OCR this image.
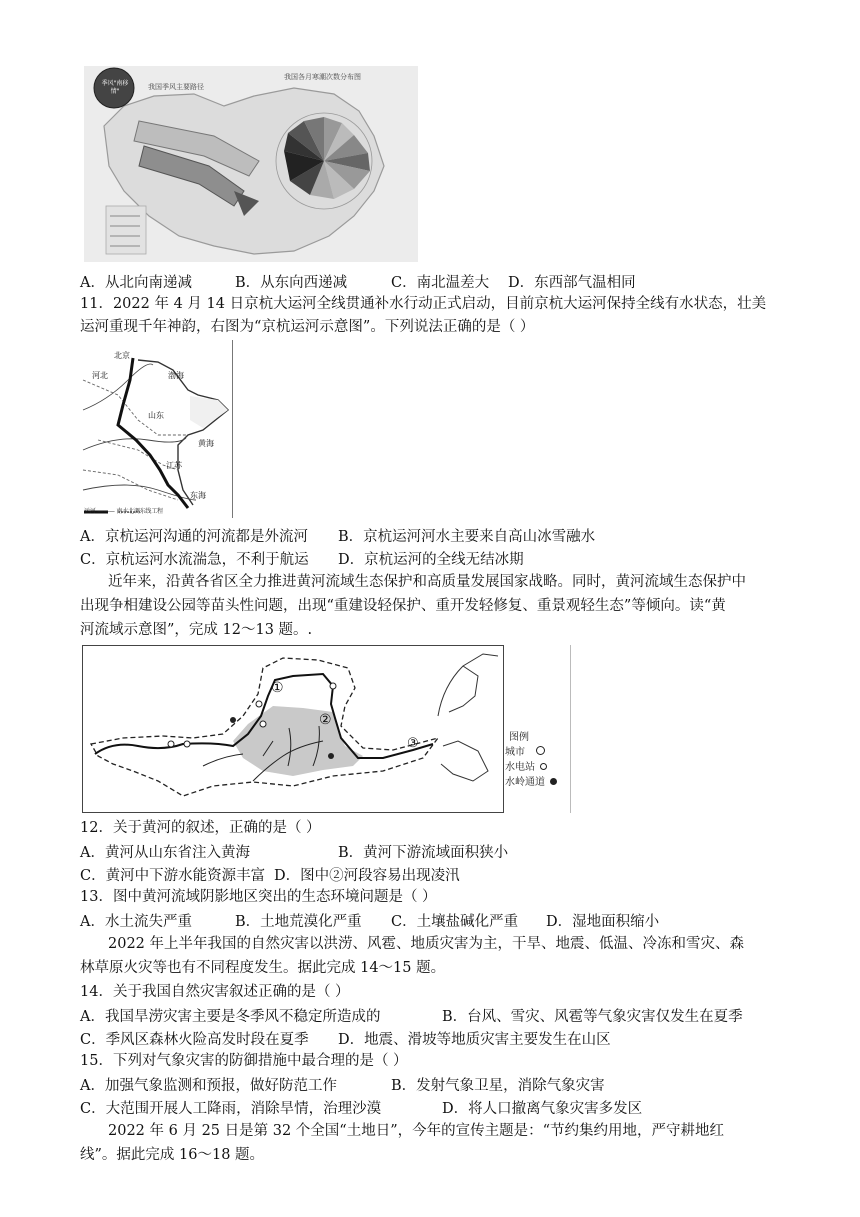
季风"南移情"
我国季风主要路径
我国各月寒潮次数分布图
A．从北向南递减	B．从东向西递减	C．南北温差大 D．东西部气温相同
11．2022 年 4 月 14 日京杭大运河全线贯通补水行动正式启动，目前京杭大运河保持全线有水状态，壮美
运河重现千年神韵，右图为“京杭运河示意图”。下列说法正确的是（ ）
北京
河北	渤海
山东
黄海
江苏
东海
运河 ——— 南水北调东线工程
A．京杭运河沟通的河流都是外流河 B．京杭运河河水主要来自高山冰雪融水
C．京杭运河水流湍急，不利于航运 D．京杭运河的全线无结冰期
近年来，沿黄各省区全力推进黄河流域生态保护和高质量发展国家战略。同时，黄河流域生态保护中
出现争相建设公园等苗头性问题，出现“重建设轻保护、重开发轻修复、重景观轻生态”等倾向。读“黄
河流域示意图”，完成 12～13 题。.
①
②
③	图例
城市
水电站
水岭通道
12．关于黄河的叙述，正确的是（ ）
A．黄河从山东省注入黄海	B．黄河下游流域面积狭小
C．黄河中下游水能资源丰富 D．图中②河段容易出现凌汛
13．图中黄河流域阴影地区突出的生态环境问题是（ ）
A．水土流失严重	B．土地荒漠化严重 C．土壤盐碱化严重 D．湿地面积缩小
2022 年上半年我国的自然灾害以洪涝、风雹、地质灾害为主，干旱、地震、低温、冷冻和雪灾、森
林草原火灾等也有不同程度发生。据此完成 14～15 题。
14．关于我国自然灾害叙述正确的是（ ）
A．我国旱涝灾害主要是冬季风不稳定所造成的	B．台风、雪灾、风雹等气象灾害仅发生在夏季
C．季风区森林火险高发时段在夏季 D．地震、滑坡等地质灾害主要发生在山区
15．下列对气象灾害的防御措施中最合理的是（ ）
A．加强气象监测和预报，做好防范工作	B．发射气象卫星，消除气象灾害
C．大范围开展人工降雨，消除旱情，治理沙漠	D．将人口撤离气象灾害多发区
2022 年 6 月 25 日是第 32 个全国“土地日”，今年的宣传主题是：“节约集约用地，严守耕地红
线”。据此完成 16～18 题。
